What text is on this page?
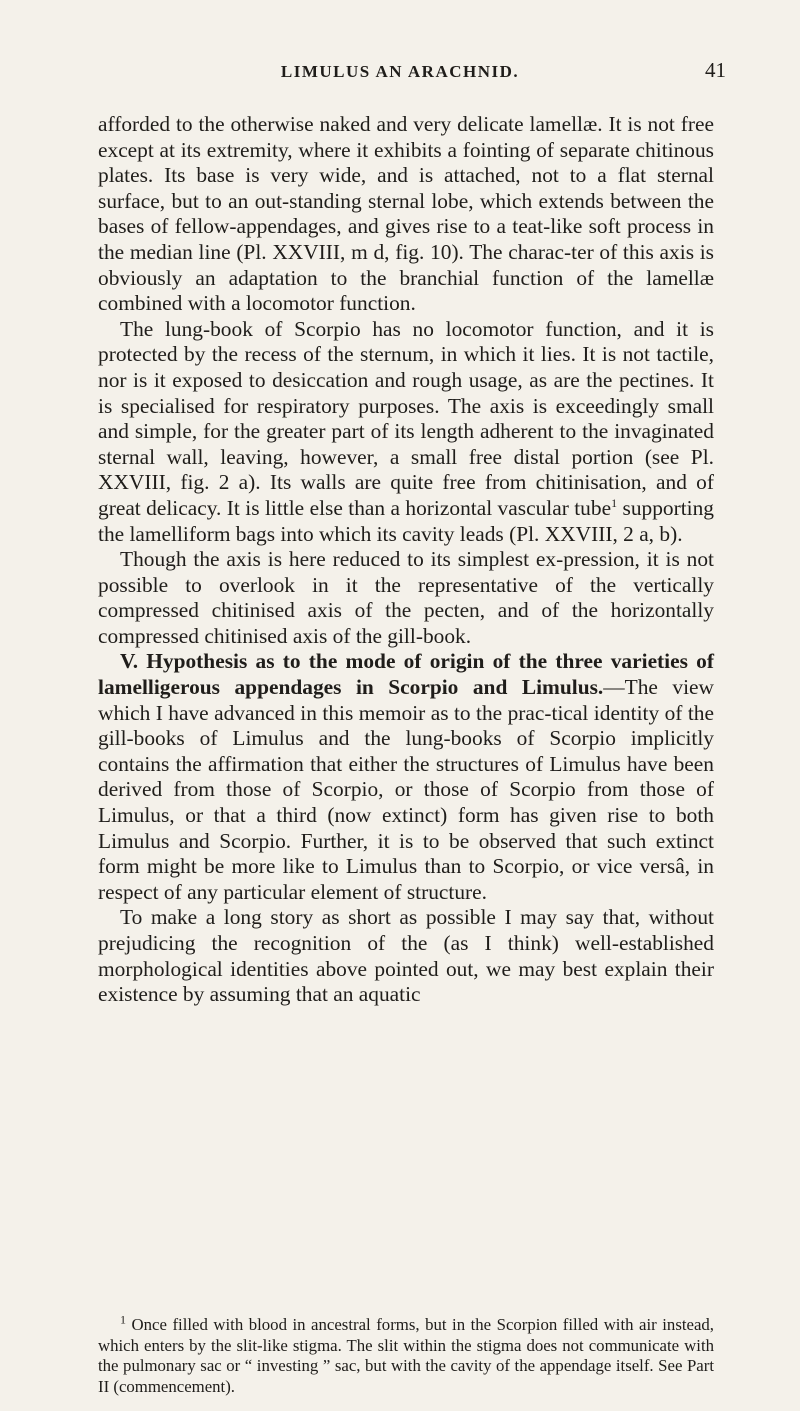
LIMULUS AN ARACHNID.	41

afforded to the otherwise naked and very delicate lamellæ. It is not free except at its extremity, where it exhibits a fointing of separate chitinous plates. Its base is very wide, and is attached, not to a flat sternal surface, but to an out-standing sternal lobe, which extends between the bases of fellow-appendages, and gives rise to a teat-like soft process in the median line (Pl. XXVIII, m d, fig. 10). The charac-ter of this axis is obviously an adaptation to the branchial function of the lamellæ combined with a locomotor function.

The lung-book of Scorpio has no locomotor function, and it is protected by the recess of the sternum, in which it lies. It is not tactile, nor is it exposed to desiccation and rough usage, as are the pectines. It is specialised for respiratory purposes. The axis is exceedingly small and simple, for the greater part of its length adherent to the invaginated sternal wall, leaving, however, a small free distal portion (see Pl. XXVIII, fig. 2 a). Its walls are quite free from chitinisation, and of great delicacy. It is little else than a horizontal vascular tube$^1$ supporting the lamelliform bags into which its cavity leads (Pl. XXVIII, 2 a, b).

Though the axis is here reduced to its simplest ex-pression, it is not possible to overlook in it the representative of the vertically compressed chitinised axis of the pecten, and of the horizontally compressed chitinised axis of the gill-book.

V. Hypothesis as to the mode of origin of the three varieties of lamelligerous appendages in Scorpio and Limulus.—The view which I have advanced in this memoir as to the prac-tical identity of the gill-books of Limulus and the lung-books of Scorpio implicitly contains the affirmation that either the structures of Limulus have been derived from those of Scorpio, or those of Scorpio from those of Limulus, or that a third (now extinct) form has given rise to both Limulus and Scorpio. Further, it is to be observed that such extinct form might be more like to Limulus than to Scorpio, or vice versâ, in respect of any particular element of structure.

To make a long story as short as possible I may say that, without prejudicing the recognition of the (as I think) well-established morphological identities above pointed out, we may best explain their existence by assuming that an aquatic

$^1$ Once filled with blood in ancestral forms, but in the Scorpion filled with air instead, which enters by the slit-like stigma. The slit within the stigma does not communicate with the pulmonary sac or “ investing ” sac, but with the cavity of the appendage itself. See Part II (commencement).
